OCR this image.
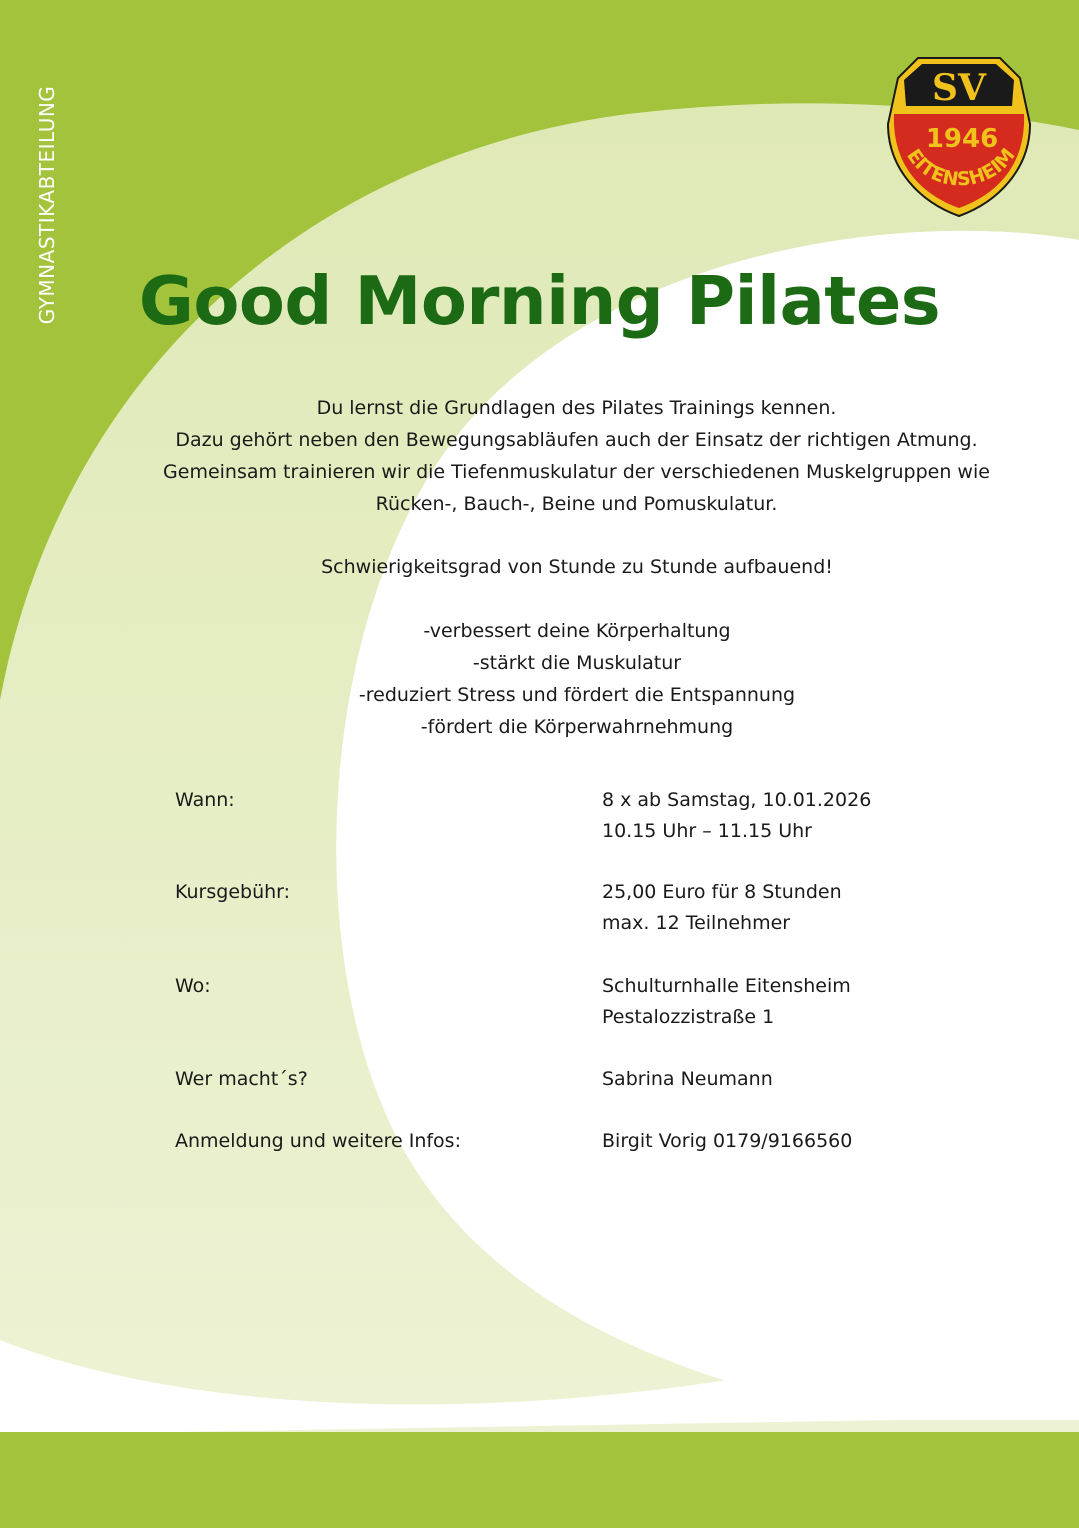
GYMNASTIKABTEILUNG	SV
1946
EITENSHEIM
Good Morning Pilates

Du lernst die Grundlagen des Pilates Trainings kennen.

Dazu gehört neben den Bewegungsabläufen auch der Einsatz der richtigen Atmung.

Gemeinsam trainieren wir die Tiefenmuskulatur der verschiedenen Muskelgruppen wie

Rücken-, Bauch-, Beine und Pomuskulatur.

Schwierigkeitsgrad von Stunde zu Stunde aufbauend!
-verbessert deine Körperhaltung
-stärkt die Muskulatur
-reduziert Stress und fördert die Entspannung
-fördert die Körperwahrnehmung
Wann:	8 x ab Samstag, 10.01.2026
10.15 Uhr – 11.15 Uhr
Kursgebühr:	25,00 Euro für 8 Stunden
max. 12 Teilnehmer
Wo:	Schulturnhalle Eitensheim
Pestalozzistraße 1
Wer macht´s?	Sabrina Neumann
Anmeldung und weitere Infos:	Birgit Vorig 0179/9166560
